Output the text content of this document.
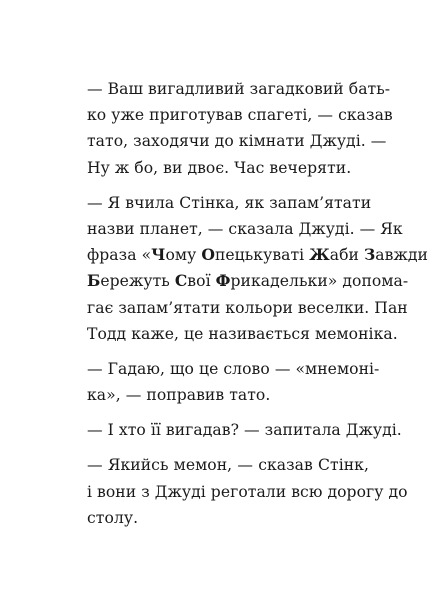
— Ваш вигадливий загадковий бать-
ко уже приготував спагеті, — сказав
тато, заходячи до кімнати Джуді. —
Ну ж бо, ви двоє. Час вечеряти.

— Я вчила Стінка, як запам’ятати
назви планет, — сказала Джуді. — Як
фраза «Чому Опецькуваті Жаби Завжди
Бережуть Свої Фрикадельки» допома-
гає запам’ятати кольори веселки. Пан
Тодд каже, це називається мемоніка.

— Гадаю, що це слово — «мнемоні-
ка», — поправив тато.

— І хто її вигадав? — запитала Джуді.

— Якийсь мемон, — сказав Стінк,
і вони з Джуді реготали всю дорогу до
столу.
